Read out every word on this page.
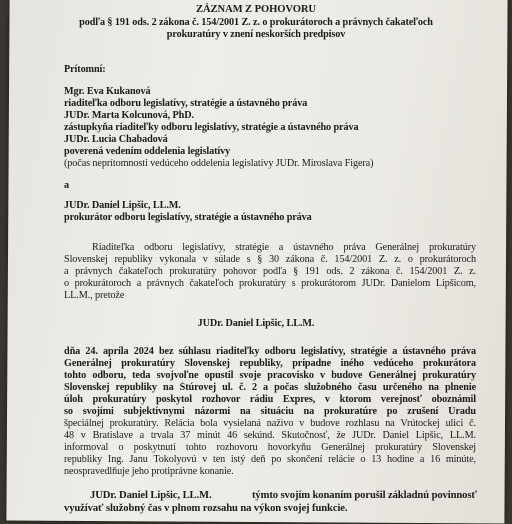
ZÁZNAM Z POHOVORU
podľa § 191 ods. 2 zákona č. 154/2001 Z. z. o prokurátoroch a právnych čakateľoch
prokuratúry v znení neskorších predpisov
Prítomní:
Mgr. Eva Kukanová
riaditeľka odboru legislatívy, stratégie a ústavného práva
JUDr. Marta Kolcunová, PhD.
zástupkyňa riaditeľky odboru legislatívy, stratégie a ústavného práva
JUDr. Lucia Chabadová
poverená vedením oddelenia legislatívy
(počas neprítomnosti vedúceho oddelenia legislatívy JUDr. Miroslava Figera)
a
JUDr. Daniel Lipšic, LL.M.
prokurátor odboru legislatívy, stratégie a ústavného práva
Riaditeľka odboru legislatívy, stratégie a ústavného práva Generálnej prokuratúry
Slovenskej republiky vykonala v súlade s § 30 zákona č. 154/2001 Z. z. o prokurátoroch
a právnych čakateľoch prokuratúry pohovor podľa § 191 ods. 2 zákona č. 154/2001 Z. z.
o prokurátoroch a právnych čakateľoch prokuratúry s prokurátorom JUDr. Danielom Lipšicom,
LL.M., pretože
JUDr. Daniel Lipšic, LL.M.
dňa 24. apríla 2024 bez súhlasu riaditeľky odboru legislatívy, stratégie a ústavného práva
Generálnej prokuratúry Slovenskej republiky, prípadne iného vedúceho prokurátora
tohto odboru, teda svojvoľne opustil svoje pracovisko v budove Generálnej prokuratúry
Slovenskej republiky na Štúrovej ul. č. 2 a počas služobného času určeného na plnenie
úloh prokuratúry poskytol rozhovor rádiu Expres, v ktorom verejnosť oboznámil
so svojími subjektívnymi názormi na situáciu na prokuratúre po zrušení Úradu
špeciálnej prokuratúry. Relácia bola vysielaná naživo v budove rozhlasu na Vrútockej ulici č.
48 v Bratislave a trvala 37 minút 46 sekúnd. Skutočnosť, že JUDr. Daniel Lipšic, LL.M.
informoval o poskytnutí tohto rozhovoru hovorkyňu Generálnej prokuratúry Slovenskej
republiky Ing. Janu Tokolyovú v ten istý deň po skončení relácie o 13 hodine a 16 minúte,
neospravedlňuje jeho protiprávne konanie.
JUDr. Daniel Lipšic, LL.M.	týmto svojím konaním porušil základnú povinnosť
využívať služobný čas v plnom rozsahu na výkon svojej funkcie.
